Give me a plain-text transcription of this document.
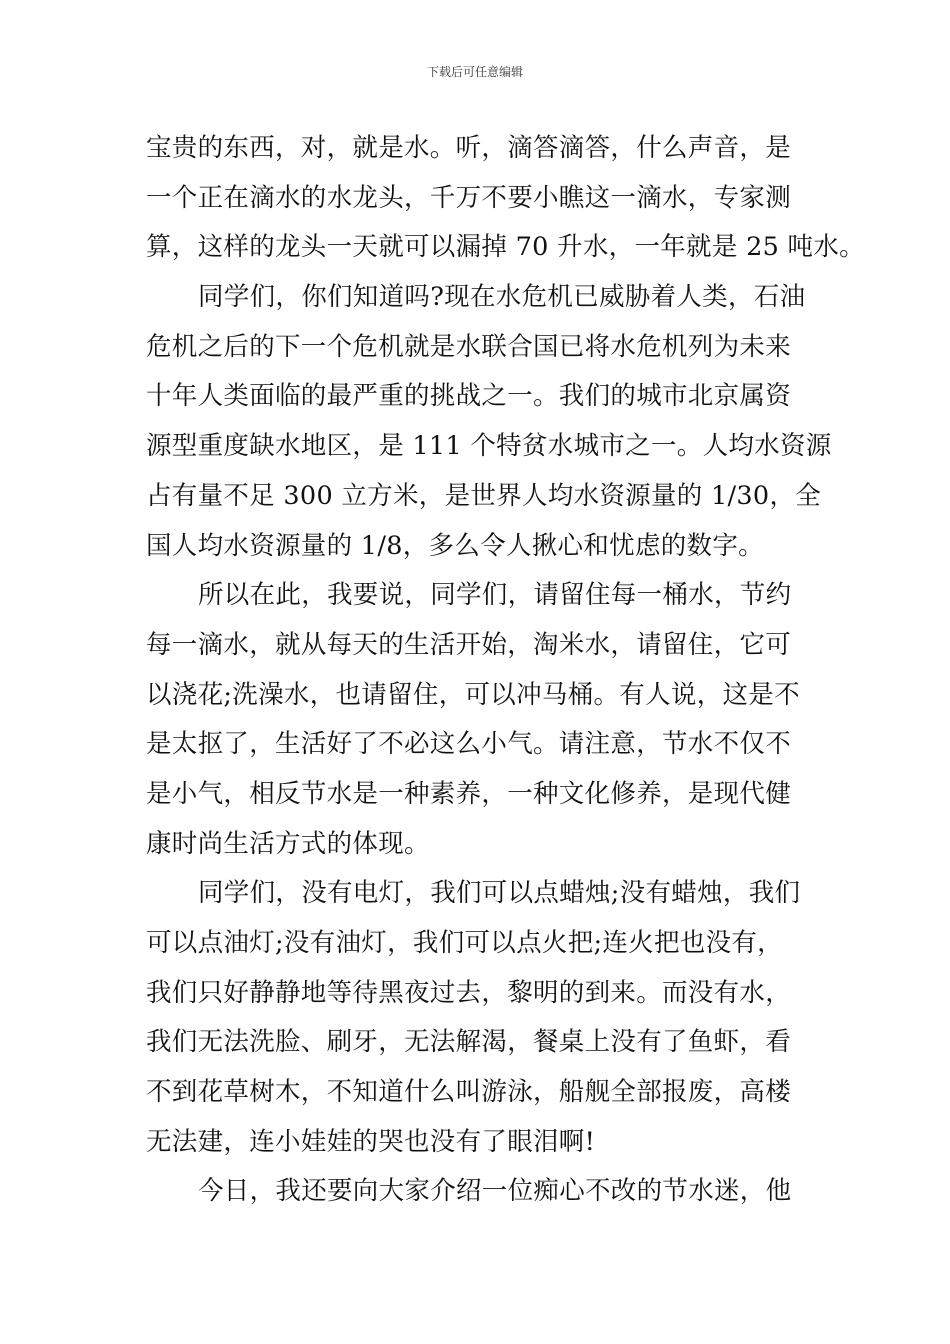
下载后可任意编辑
宝贵的东西，对，就是水。听，滴答滴答，什么声音，是
一个正在滴水的水龙头，千万不要小瞧这一滴水，专家测
算，这样的龙头一天就可以漏掉 70 升水，一年就是 25 吨水。
同学们，你们知道吗?现在水危机已威胁着人类，石油
危机之后的下一个危机就是水联合国已将水危机列为未来
十年人类面临的最严重的挑战之一。我们的城市北京属资
源型重度缺水地区，是 111 个特贫水城市之一。人均水资源
占有量不足 300 立方米，是世界人均水资源量的 1/30，全
国人均水资源量的 1/8，多么令人揪心和忧虑的数字。
所以在此，我要说，同学们，请留住每一桶水，节约
每一滴水，就从每天的生活开始，淘米水，请留住，它可
以浇花;洗澡水，也请留住，可以冲马桶。有人说，这是不
是太抠了，生活好了不必这么小气。请注意，节水不仅不
是小气，相反节水是一种素养，一种文化修养，是现代健
康时尚生活方式的体现。
同学们，没有电灯，我们可以点蜡烛;没有蜡烛，我们
可以点油灯;没有油灯，我们可以点火把;连火把也没有，
我们只好静静地等待黑夜过去，黎明的到来。而没有水，
我们无法洗脸、刷牙，无法解渴，餐桌上没有了鱼虾，看
不到花草树木，不知道什么叫游泳，船舰全部报废，高楼
无法建，连小娃娃的哭也没有了眼泪啊!
今日，我还要向大家介绍一位痴心不改的节水迷，他
